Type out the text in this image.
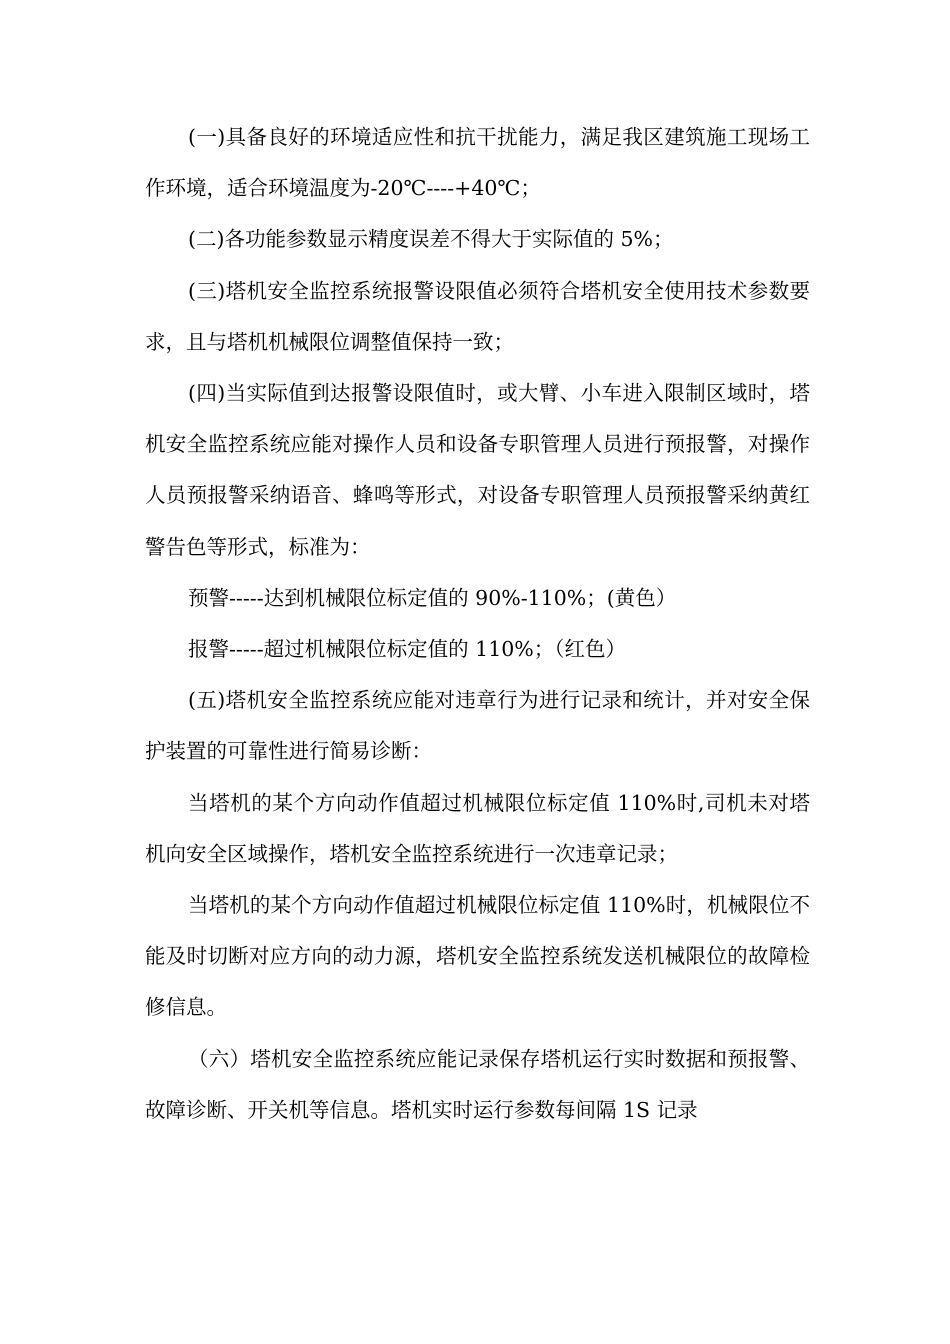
(一)具备良好的环境适应性和抗干扰能力，满足我区建筑施工现场工作环境，适合环境温度为-20℃----+40℃；

(二)各功能参数显示精度误差不得大于实际值的 5%；

(三)塔机安全监控系统报警设限值必须符合塔机安全使用技术参数要求，且与塔机机械限位调整值保持一致；

(四)当实际值到达报警设限值时，或大臂、小车进入限制区域时，塔机安全监控系统应能对操作人员和设备专职管理人员进行预报警，对操作人员预报警采纳语音、蜂鸣等形式，对设备专职管理人员预报警采纳黄红警告色等形式，标准为：

预警-----达到机械限位标定值的 90%-110%；(黄色）

报警-----超过机械限位标定值的 110%；（红色）

(五)塔机安全监控系统应能对违章行为进行记录和统计，并对安全保护装置的可靠性进行简易诊断：

当塔机的某个方向动作值超过机械限位标定值 110%时,司机未对塔机向安全区域操作，塔机安全监控系统进行一次违章记录；

当塔机的某个方向动作值超过机械限位标定值 110%时，机械限位不能及时切断对应方向的动力源，塔机安全监控系统发送机械限位的故障检修信息。

（六）塔机安全监控系统应能记录保存塔机运行实时数据和预报警、故障诊断、开关机等信息。塔机实时运行参数每间隔 1S 记录
